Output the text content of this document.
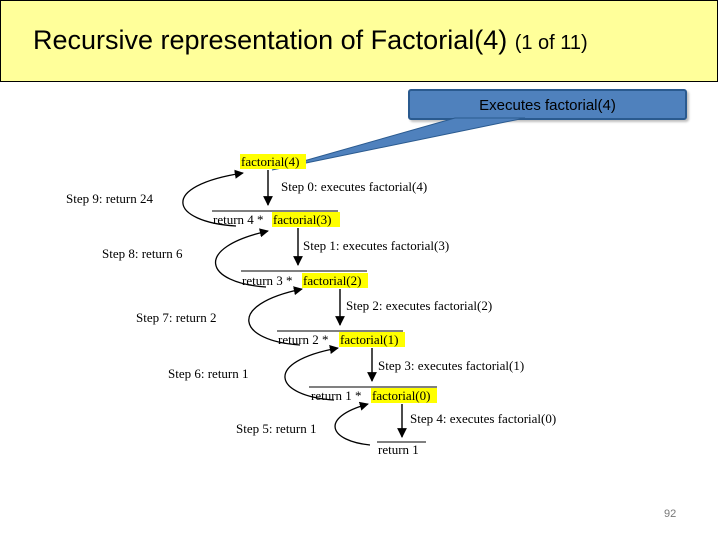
Recursive representation of Factorial(4) (1 of 11)
Executes factorial(4)
factorial(4)
Step 0: executes factorial(4)
return 4 * factorial(3)
Step 9: return 24
Step 1: executes factorial(3)
return 3 * factorial(2)
Step 8: return 6
Step 2: executes factorial(2)
return 2 * factorial(1)
Step 7: return 2
Step 3: executes factorial(1)
return 1 * factorial(0)
Step 6: return 1
Step 4: executes factorial(0)
return 1
Step 5: return 1
92
